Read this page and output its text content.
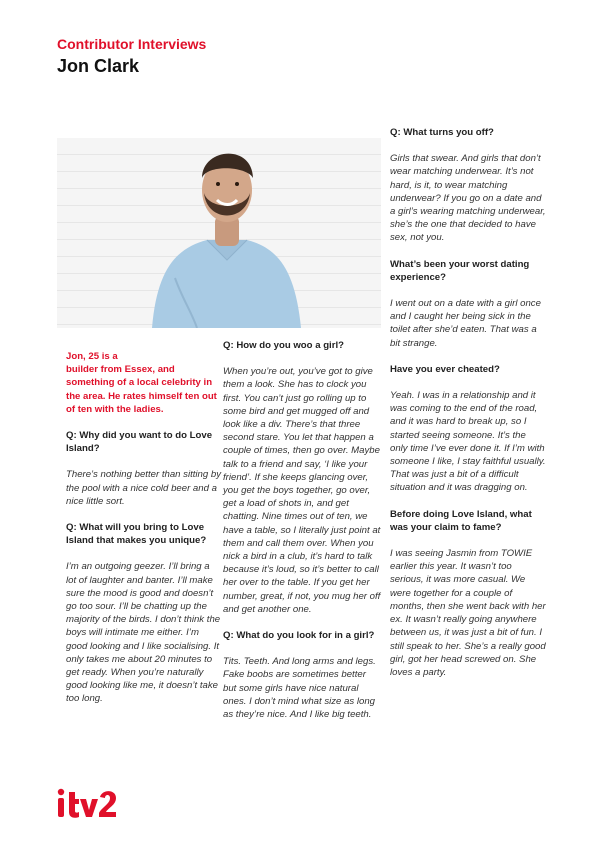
Contributor Interviews
Jon Clark

Jon, 25 is a
builder from Essex, and something of a local celebrity in the area. He rates himself ten out of ten with the ladies.

Q: Why did you want to do Love Island?

There’s nothing better than sitting by the pool with a nice cold beer and a nice little sort.

Q: What will you bring to Love Island that makes you unique?

I’m an outgoing geezer. I’ll bring a lot of laughter and banter. I’ll make sure the mood is good and doesn’t go too sour. I’ll be chatting up the majority of the birds. I don’t think the boys will intimate me either. I’m good looking and I like socialising. It only takes me about 20 minutes to get ready. When you’re naturally good looking like me, it doesn’t take too long.

Q: How do you woo a girl?

When you’re out, you’ve got to give them a look. She has to clock you first. You can’t just go rolling up to some bird and get mugged off and look like a div. There’s that three second stare. You let that happen a couple of times, then go over. Maybe talk to a friend and say, ‘I like your friend’. If she keeps glancing over, you get the boys together, go over, get a load of shots in, and get chatting. Nine times out of ten, we have a table, so I literally just point at them and call them over. When you nick a bird in a club, it’s hard to talk because it’s loud, so it’s better to call her over to the table. If you get her number, great, if not, you mug her off and get another one.

Q: What do you look for in a girl?

Tits. Teeth. And long arms and legs. Fake boobs are sometimes better but some girls have nice natural ones. I don’t mind what size as long as they’re nice. And I like big teeth.

Q: What turns you off?

Girls that swear. And girls that don’t wear matching underwear. It’s not hard, is it, to wear matching underwear? If you go on a date and a girl’s wearing matching underwear, she’s the one that decided to have sex, not you.

What’s been your worst dating experience?

I went out on a date with a girl once and I caught her being sick in the toilet after she’d eaten. That was a bit strange.

Have you ever cheated?

Yeah. I was in a relationship and it was coming to the end of the road, and it was hard to break up, so I started seeing someone. It’s the only time I’ve ever done it. If I’m with someone I like, I stay faithful usually. That was just a bit of a difficult situation and it was dragging on.

Before doing Love Island, what was your claim to fame?

I was seeing Jasmin from TOWIE earlier this year. It wasn’t too serious, it was more casual. We were together for a couple of months, then she went back with her ex. It wasn’t really going anywhere between us, it was just a bit of fun. I still speak to her. She’s a really good girl, got her head screwed on. She loves a party.
